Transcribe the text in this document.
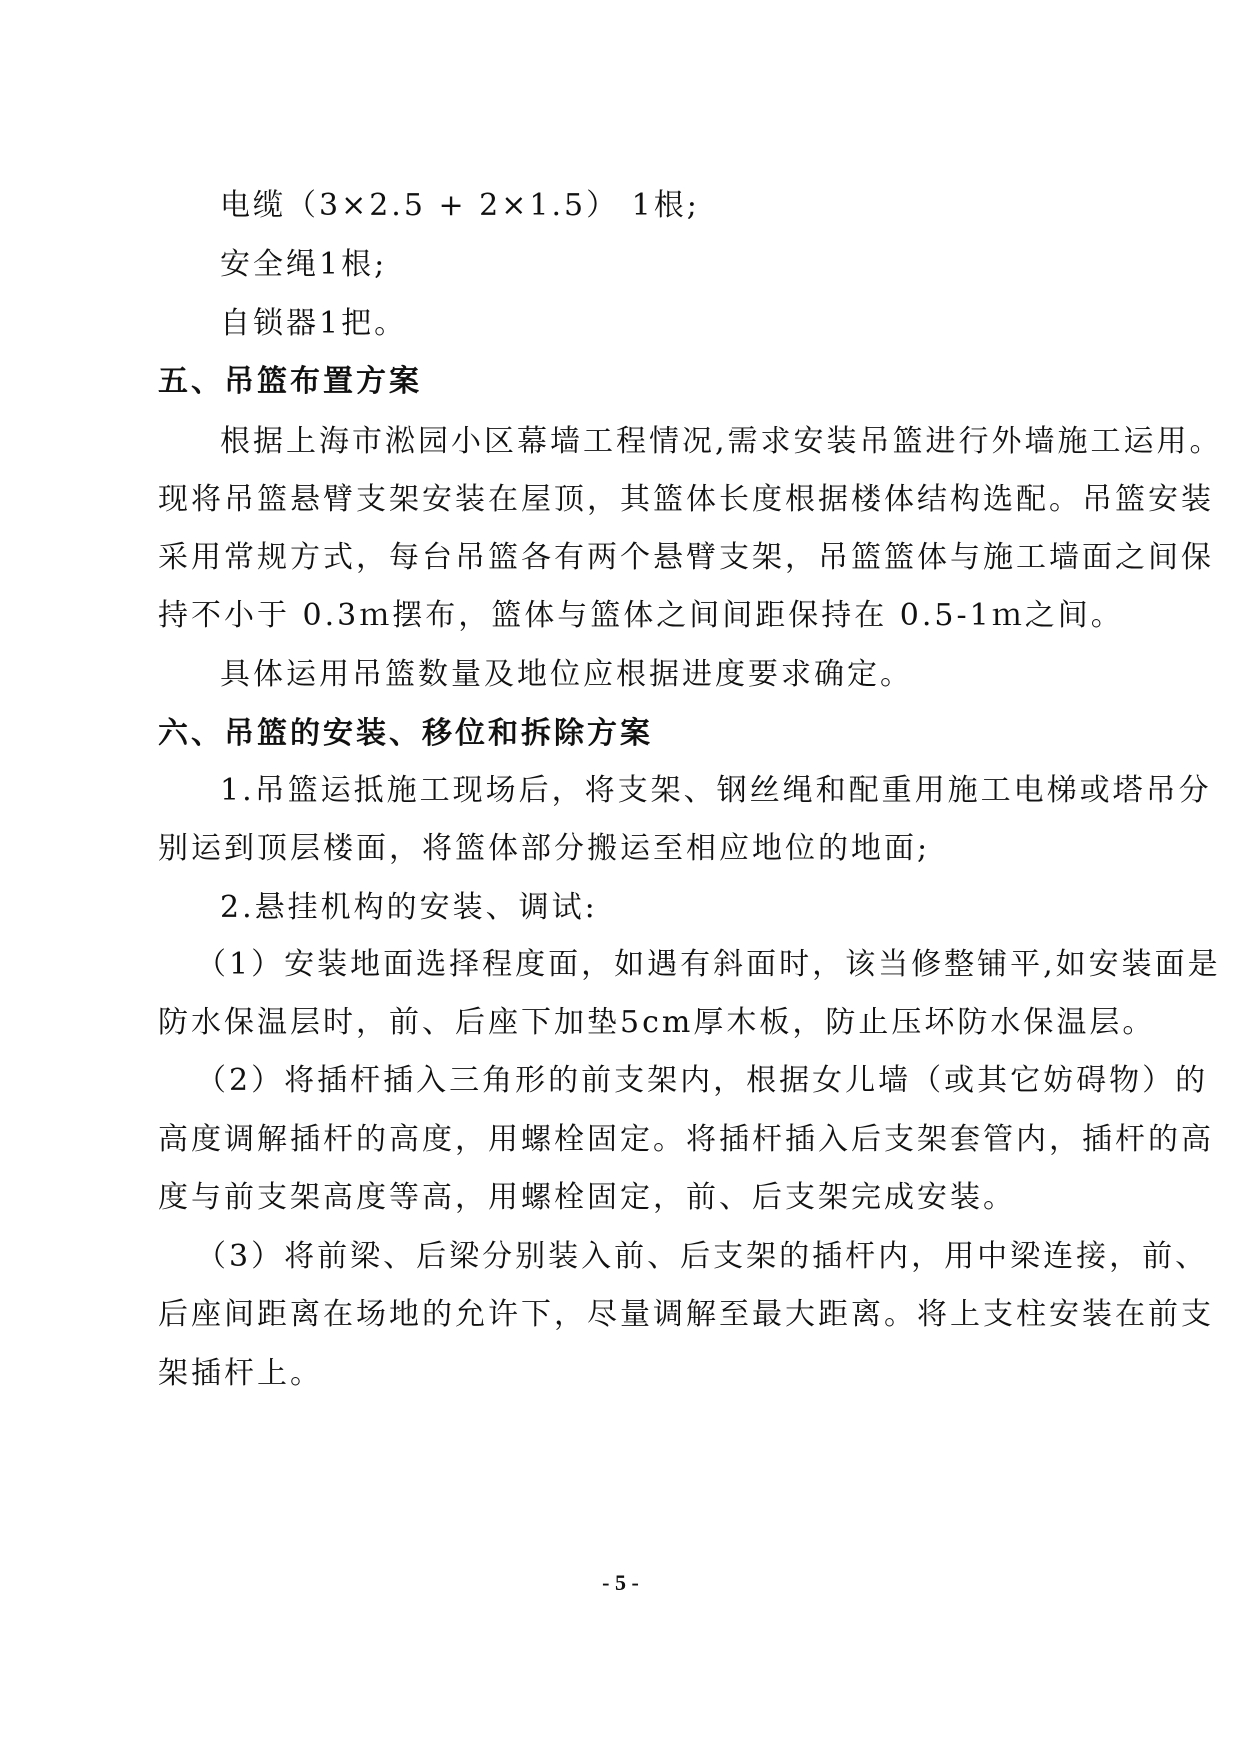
电缆（3×2.5 + 2×1.5） 1根;
安全绳1根;
自锁器1把。
五、吊篮布置方案
根据上海市淞园小区幕墙工程情况,需求安装吊篮进行外墙施工运用。
现将吊篮悬臂支架安装在屋顶，其篮体长度根据楼体结构选配。吊篮安装
采用常规方式，每台吊篮各有两个悬臂支架，吊篮篮体与施工墙面之间保
持不小于 0.3ｍ摆布，篮体与篮体之间间距保持在 0.5-1ｍ之间。
具体运用吊篮数量及地位应根据进度要求确定。
六、吊篮的安装、移位和拆除方案
1.吊篮运抵施工现场后，将支架、钢丝绳和配重用施工电梯或塔吊分
别运到顶层楼面，将篮体部分搬运至相应地位的地面;
2.悬挂机构的安装、调试:
（1）安装地面选择程度面，如遇有斜面时，该当修整铺平,如安装面是
防水保温层时，前、后座下加垫5cm厚木板，防止压坏防水保温层。
（2）将插杆插入三角形的前支架内，根据女儿墙（或其它妨碍物）的
高度调解插杆的高度，用螺栓固定。将插杆插入后支架套管内，插杆的高
度与前支架高度等高，用螺栓固定，前、后支架完成安装。
（3）将前梁、后梁分别装入前、后支架的插杆内，用中梁连接，前、
后座间距离在场地的允许下，尽量调解至最大距离。将上支柱安装在前支
架插杆上。
- 5 -
